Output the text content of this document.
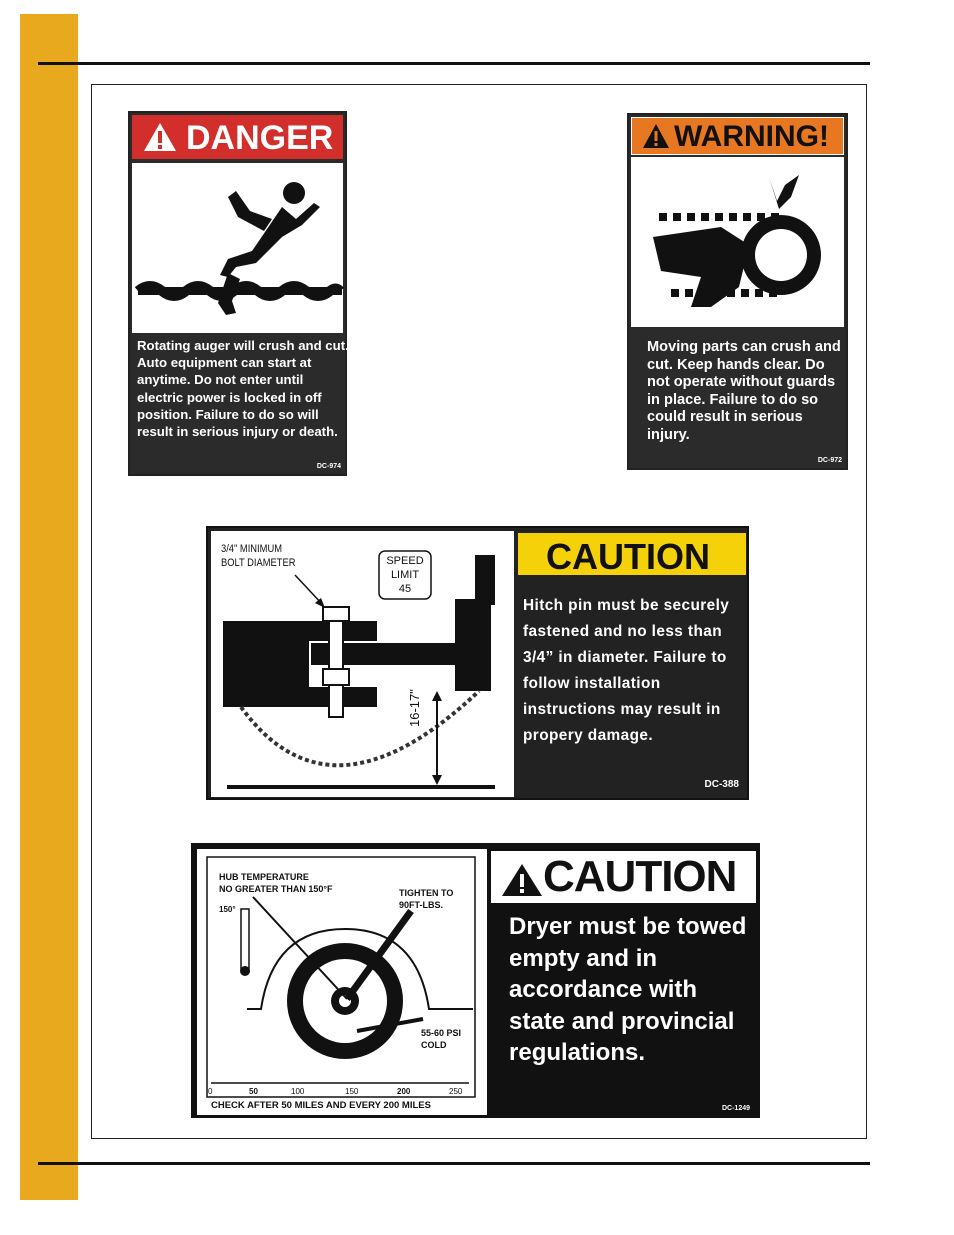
DANGER
Rotating auger will crush and cut. Auto equipment can start at anytime. Do not enter until electric power is locked in off position. Failure to do so will result in serious injury or death.
DC-974
WARNING!
Moving parts can crush and cut. Keep hands clear. Do not operate without guards in place. Failure to do so could result in serious injury.
DC-972
3/4" MINIMUM
BOLT DIAMETER	SPEED
LIMIT
45
16-17"
CAUTION
Hitch pin must be securely fastened and no less than 3/4” in diameter. Failure to follow installation instructions may result in propery damage.
DC-388
HUB TEMPERATURE
NO GREATER THAN 150°F
150°
TIGHTEN TO
90FT-LBS.
55-60 PSI
COLD
0	50	100	150	200	250
CHECK AFTER 50 MILES AND EVERY 200 MILES
CAUTION
Dryer must be towed empty and in accordance with state and provincial regulations.
DC-1249
